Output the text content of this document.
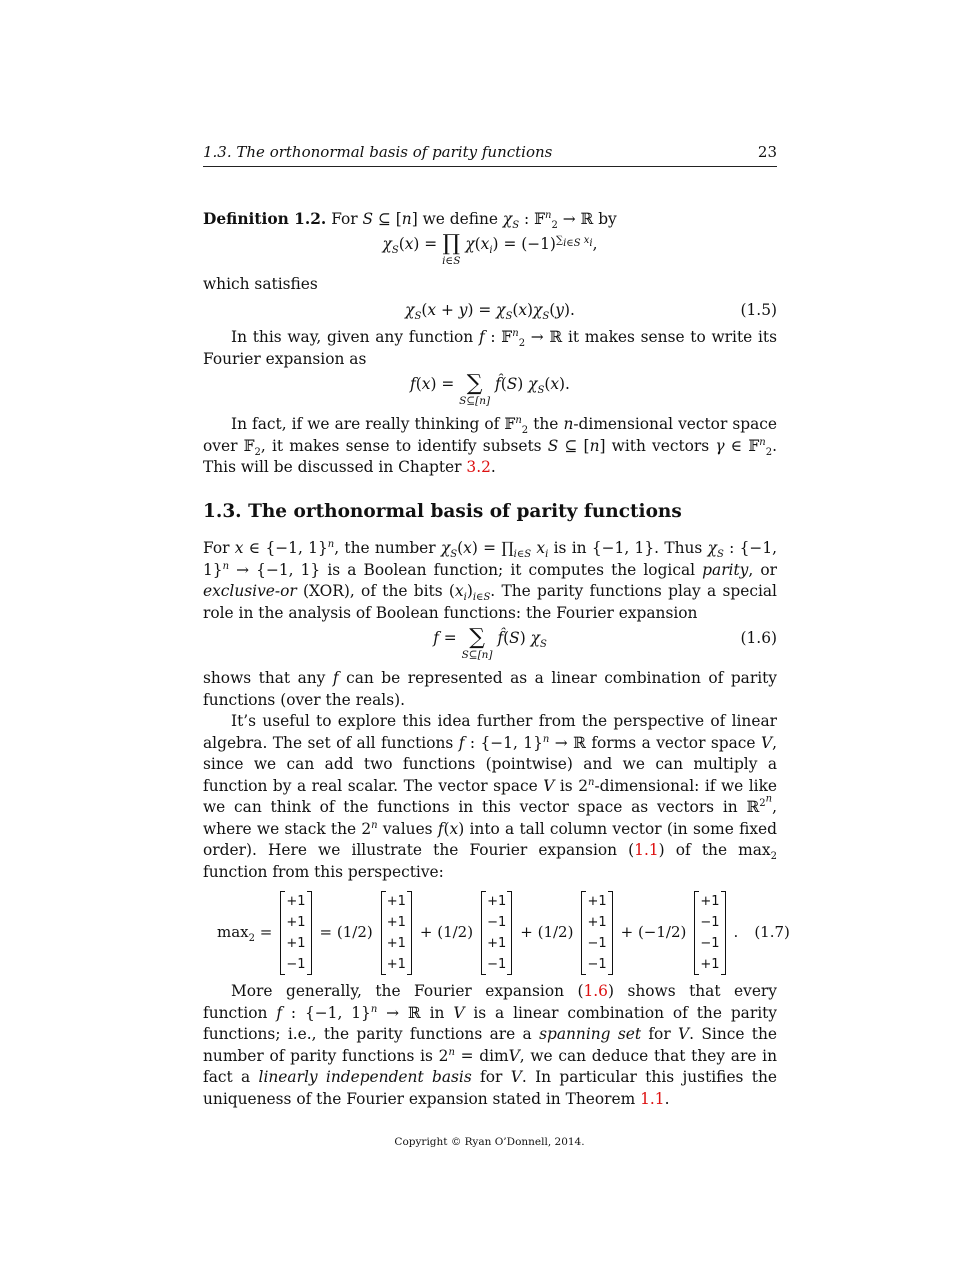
1.3. The orthonormal basis of parity functions	23

Definition 1.2. For S ⊆ [n] we define $\chi_S$ : 𝔽$^n_2$ → ℝ by

$\chi_S(x)$ = ∏
i∈S
$\chi(x_i) = (-1)^{\sum_{i\in S} x_i}$,

which satisfies

$\chi_S(x + y) = \chi_S(x)\chi_S(y)$.	(1.5)

In this way, given any function f : 𝔽$^n_2$ → ℝ it makes sense to write its Fourier expansion as

f(x) = ∑
S⊆[n]
f̂(S) $\chi_S(x)$.

In fact, if we are really thinking of 𝔽$^n_2$ the n-dimensional vector space over 𝔽$_2$, it makes sense to identify subsets S ⊆ [n] with vectors γ ∈ 𝔽$^n_2$. This will be discussed in Chapter 3.2.

1.3. The orthonormal basis of parity functions

For x ∈ {−1, 1}$^n$, the number $\chi_S(x)$ = $\prod_{i\in S}$ $x_i$ is in {−1, 1}. Thus $\chi_S$ : {−1, 1}$^n$ → {−1, 1} is a Boolean function; it computes the logical parity, or exclusive-or (XOR), of the bits $(x_i)_{i\in S}$. The parity functions play a special role in the analysis of Boolean functions: the Fourier expansion

f = ∑
S⊆[n]
f̂(S) $\chi_S$	(1.6)

shows that any f can be represented as a linear combination of parity functions (over the reals).

It’s useful to explore this idea further from the perspective of linear algebra. The set of all functions f : {−1, 1}$^n$ → ℝ forms a vector space V, since we can add two functions (pointwise) and we can multiply a function by a real scalar. The vector space V is 2$^n$-dimensional: if we like we can think of the functions in this vector space as vectors in ℝ$^{2^n}$, where we stack the 2$^n$ values f(x) into a tall column vector (in some fixed order). Here we illustrate the Fourier expansion (1.1) of the $\max_2$ function from this perspective:

$\max_2$ =
+1
+1
+1
−1
= (1/2)
+1
+1
+1
+1
+ (1/2)
+1
−1
+1
−1
+ (1/2)
+1
+1
−1
−1
+ (−1/2)
+1
−1
−1
+1
. (1.7)

More generally, the Fourier expansion (1.6) shows that every function f : {−1, 1}$^n$ → ℝ in V is a linear combination of the parity functions; i.e., the parity functions are a spanning set for V. Since the number of parity functions is $2^n$ = dimV, we can deduce that they are in fact a linearly independent basis for V. In particular this justifies the uniqueness of the Fourier expansion stated in Theorem 1.1.

Copyright © Ryan O’Donnell, 2014.
